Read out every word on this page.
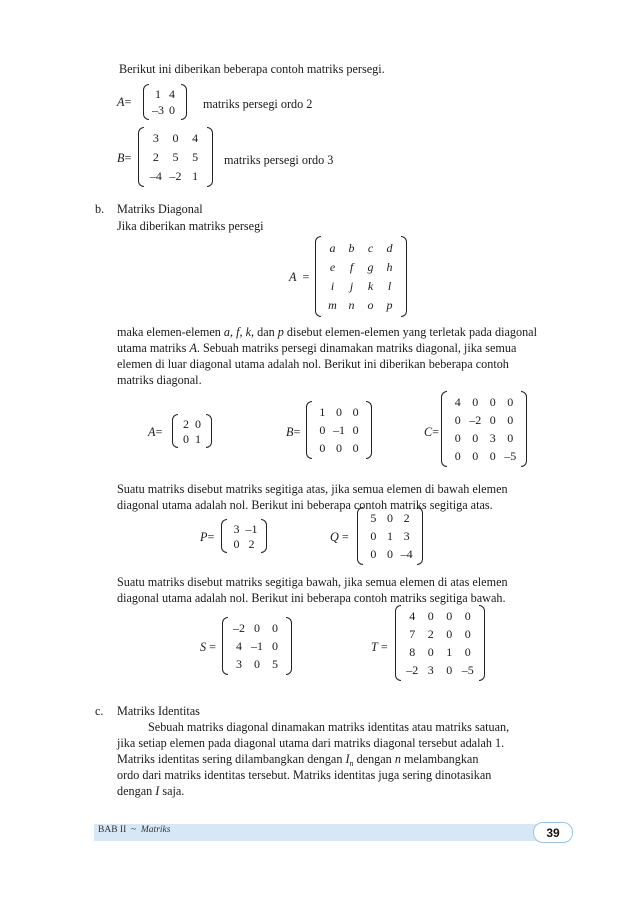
Berikut ini diberikan beberapa contoh matriks persegi.
A=
1 4
–3 0	matriks persegi ordo 2
B=
3	0	4
2	5	5
–4 –2 1
matriks persegi ordo 3
b. Matriks Diagonal
Jika diberikan matriks persegi
A =
a	b	c	d
e	f	g	h
i	j	k	l
m n	o	p
maka elemen-elemen a, f, k, dan p disebut elemen-elemen yang terletak pada diagonal
utama matriks A. Sebuah matriks persegi dinamakan matriks diagonal, jika semua
elemen di luar diagonal utama adalah nol. Berikut ini diberikan beberapa contoh
matriks diagonal.
A=
2 0
0 1	B=
1 0 0
0 –1 0
0 0 0
C=
4 0 0 0
0 –2 0 0
0 0 3 0
0 0 0 –5
Suatu matriks disebut matriks segitiga atas, jika semua elemen di bawah elemen
diagonal utama adalah nol. Berikut ini beberapa contoh matriks segitiga atas.
P=
3 –1
0 2	Q =
5 0 2
0 1 3
0 0 –4
Suatu matriks disebut matriks segitiga bawah, jika semua elemen di atas elemen
diagonal utama adalah nol. Berikut ini beberapa contoh matriks segitiga bawah.
S =
–2 0	0
4 –1 0
3	0	5
T =
4	0	0	0
7	2	0	0
8	0	1	0
–2 3	0 –5
c. Matriks Identitas
Sebuah matriks diagonal dinamakan matriks identitas atau matriks satuan,
jika setiap elemen pada diagonal utama dari matriks diagonal tersebut adalah 1.
Matriks identitas sering dilambangkan dengan $I_n$ dengan n melambangkan
ordo dari matriks identitas tersebut. Matriks identitas juga sering dinotasikan
dengan I saja.
BAB II ~ Matriks	39
